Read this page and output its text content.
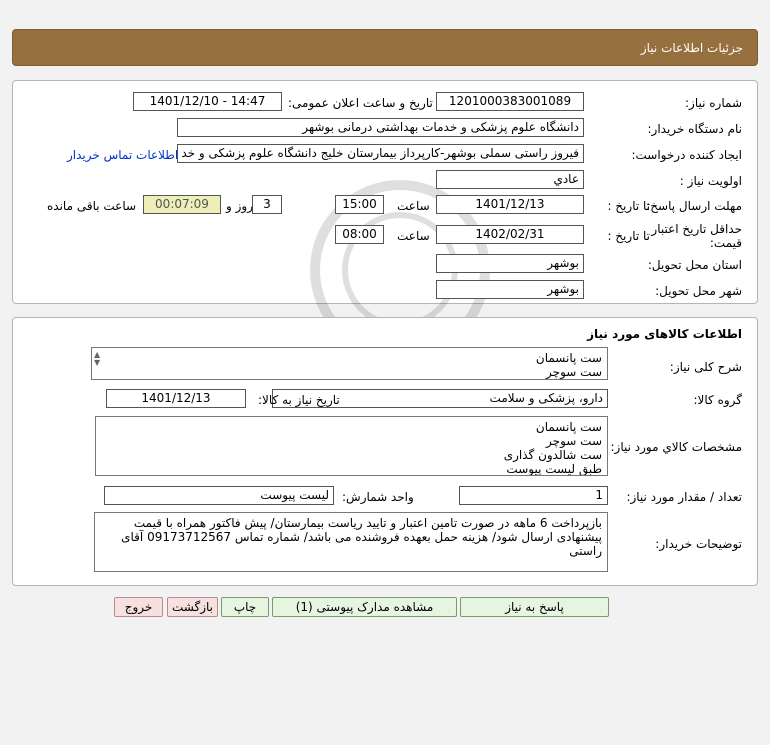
جزئیات اطلاعات نیاز
شماره نیاز:
1201000383001089
تاریخ و ساعت اعلان عمومی:
1401/12/10 - 14:47
نام دستگاه خریدار:
دانشگاه علوم پزشکی و خدمات بهداشتی درمانی بوشهر
ایجاد کننده درخواست:
فیروز راستی سملی بوشهر-کارپرداز بیمارستان خلیج دانشگاه علوم پزشکی و خد
اطلاعات تماس خریدار
اولویت نیاز :
عادي
مهلت ارسال پاسخ:
تا تاریخ :
1401/12/13
ساعت
15:00
3
روز و
00:07:09
ساعت باقی مانده
حداقل تاریخ اعتبار
قیمت:
تا تاریخ :
1402/02/31
ساعت
08:00
استان محل تحویل:
بوشهر
شهر محل تحویل:
بوشهر
اطلاعات کالاهای مورد نیاز
شرح کلی نیاز:
ست پانسمان
ست سوچر
▲
▼
گروه کالا:
دارو، پزشکی و سلامت
تاریخ نیاز به کالا:
1401/12/13
مشخصات کالاي مورد نیاز:
ست پانسمان
ست سوچر
ست شالدون گذاری
طبق لیست پیوست
تعداد / مقدار مورد نیاز:
1
واحد شمارش:
لیست پیوست
توضیحات خریدار:
بازپرداخت 6 ماهه در صورت تامین اعتبار و تایید ریاست بیمارستان/ پیش فاکتور همراه با قیمت
پیشنهادی ارسال شود/ هزینه حمل بعهده فروشنده می باشد/ شماره تماس 09173712567 آقای
راستی
پاسخ به نیاز
مشاهده مدارک پیوستی (1)
چاپ
بازگشت
خروج
